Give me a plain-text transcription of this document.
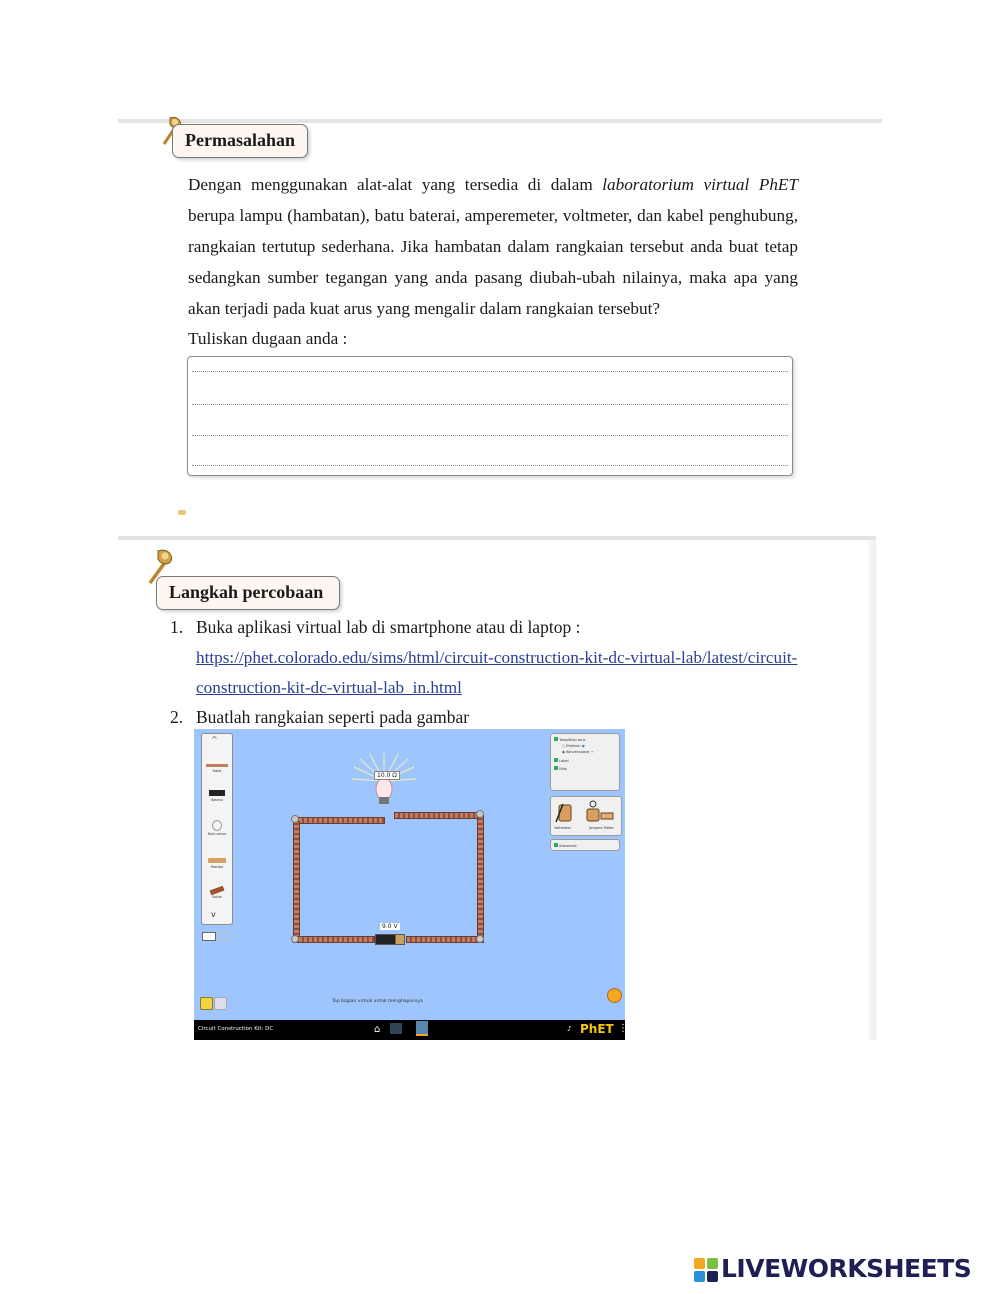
Permasalahan
Dengan menggunakan alat-alat yang tersedia di dalam laboratorium virtual PhET berupa lampu (hambatan), batu baterai, amperemeter, voltmeter, dan kabel penghubung, rangkaian tertutup sederhana. Jika hambatan dalam rangkaian tersebut anda buat tetap sedangkan sumber tegangan yang anda pasang diubah-ubah nilainya, maka apa yang akan terjadi pada kuat arus yang mengalir dalam rangkaian tersebut?
Tuliskan dugaan anda :
Langkah percobaan
1. Buka aplikasi virtual lab di smartphone atau di laptop :
https://phet.colorado.edu/sims/html/circuit-construction-kit-dc-virtual-lab/latest/circuit-
construction-kit-dc-virtual-lab_in.html
2. Buatlah rangkaian seperti pada gambar
^
Kabel
Baterai
Bola Lampu
Resistor
Saklar
v
10.0 Ω
9.0 V
Tampilkan arus
○ Elektron ●
◉ Konvensional →
Label
Nilai
Voltmeter	Ampere Meter
Advanced
Tap bagian virtual untuk menghapusnya
Circuit Construction Kit: DC	⌂	♪ PhET ⋮
LIVEWORKSHEETS
